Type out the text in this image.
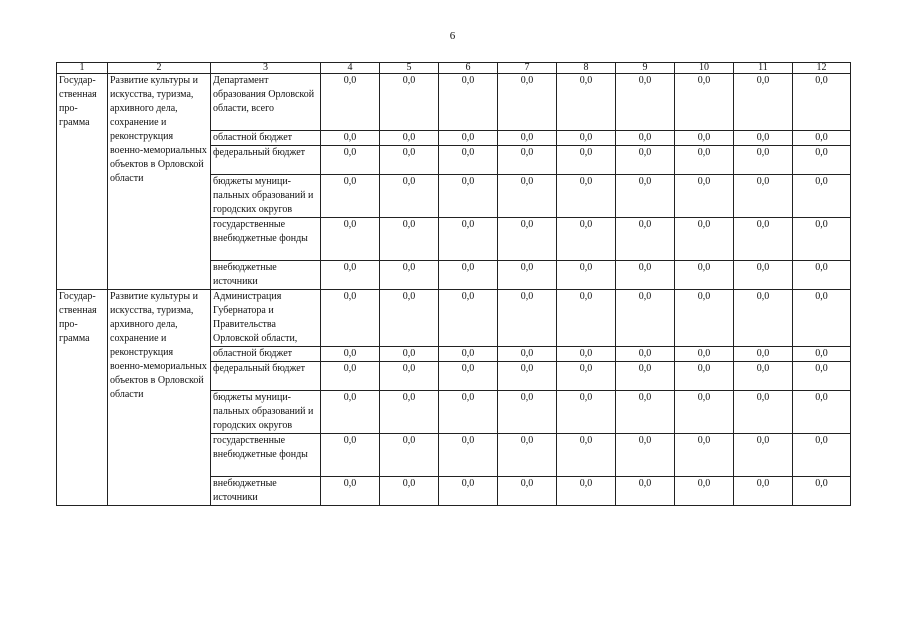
6
1	2	3	4	5	6	7	8	9	10	11	12
Государ-ственная про-грамма	Развитие культуры и искусства, туризма, архивного дела, сохранение и реконструкция военно-мемориальных объектов в Орловской области	Департамент образования Орловской области, всего	0,0	0,0	0,0	0,0	0,0	0,0	0,0	0,0	0,0
		областной бюджет	0,0	0,0	0,0	0,0	0,0	0,0	0,0	0,0	0,0
		федеральный бюджет	0,0	0,0	0,0	0,0	0,0	0,0	0,0	0,0	0,0
		бюджеты муници-пальных образований и городских округов	0,0	0,0	0,0	0,0	0,0	0,0	0,0	0,0	0,0
		государственные внебюджетные фонды	0,0	0,0	0,0	0,0	0,0	0,0	0,0	0,0	0,0
		внебюджетные источники	0,0	0,0	0,0	0,0	0,0	0,0	0,0	0,0	0,0
Государ-ственная про-грамма	Развитие культуры и искусства, туризма, архивного дела, сохранение и реконструкция военно-мемориальных объектов в Орловской области	Администрация Губернатора и Правительства Орловской области,	0,0	0,0	0,0	0,0	0,0	0,0	0,0	0,0	0,0
		областной бюджет	0,0	0,0	0,0	0,0	0,0	0,0	0,0	0,0	0,0
		федеральный бюджет	0,0	0,0	0,0	0,0	0,0	0,0	0,0	0,0	0,0
		бюджеты муници-пальных образований и городских округов	0,0	0,0	0,0	0,0	0,0	0,0	0,0	0,0	0,0
		государственные внебюджетные фонды	0,0	0,0	0,0	0,0	0,0	0,0	0,0	0,0	0,0
		внебюджетные источники	0,0	0,0	0,0	0,0	0,0	0,0	0,0	0,0	0,0
